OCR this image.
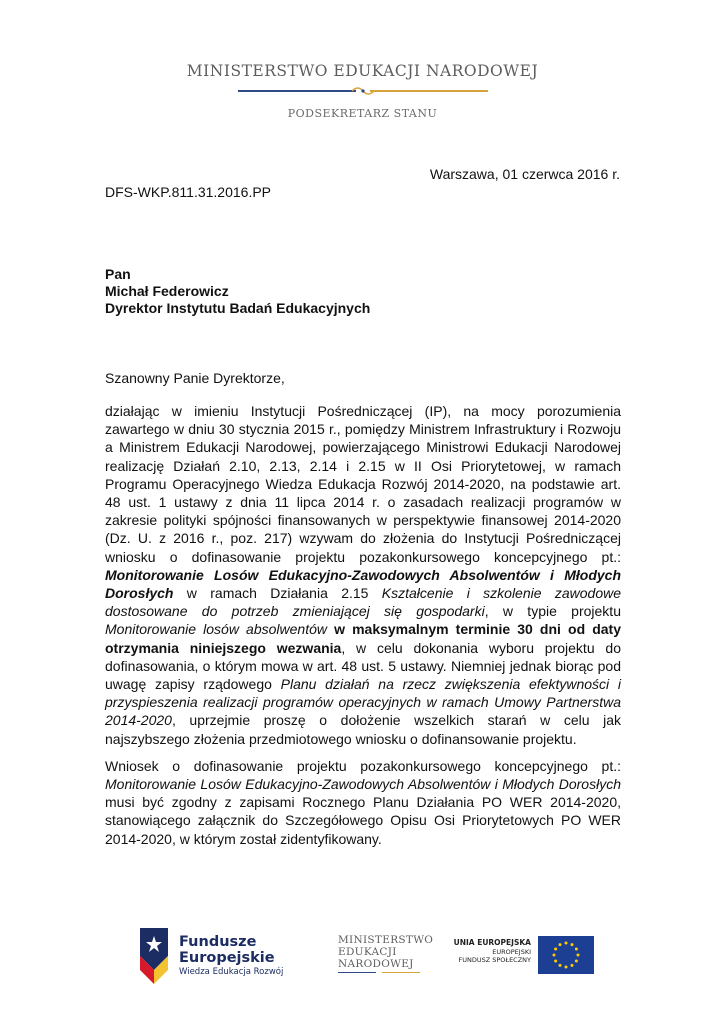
MINISTERSTWO EDUKACJI NARODOWEJ
PODSEKRETARZ STANU
Warszawa, 01 czerwca 2016 r.
DFS-WKP.811.31.2016.PP
Pan
Michał Federowicz
Dyrektor Instytutu Badań Edukacyjnych
Szanowny Panie Dyrektorze,

działając w imieniu Instytucji Pośredniczącej (IP), na mocy porozumienia zawartego w dniu 30 stycznia 2015 r., pomiędzy Ministrem Infrastruktury i Rozwoju a Ministrem Edukacji Narodowej, powierzającego Ministrowi Edukacji Narodowej realizację Działań 2.10, 2.13, 2.14 i 2.15 w II Osi Priorytetowej, w ramach Programu Operacyjnego Wiedza Edukacja Rozwój 2014-2020, na podstawie art. 48 ust. 1 ustawy z dnia 11 lipca 2014 r. o zasadach realizacji programów w zakresie polityki spójności finansowanych w perspektywie finansowej 2014-2020 (Dz. U. z 2016 r., poz. 217) wzywam do złożenia do Instytucji Pośredniczącej wniosku o dofinasowanie projektu pozakonkursowego koncepcyjnego pt.: Monitorowanie Losów Edukacyjno-Zawodowych Absolwentów i Młodych Dorosłych w ramach Działania 2.15 Kształcenie i szkolenie zawodowe dostosowane do potrzeb zmieniającej się gospodarki, w typie projektu Monitorowanie losów absolwentów w maksymalnym terminie 30 dni od daty otrzymania niniejszego wezwania, w celu dokonania wyboru projektu do dofinasowania, o którym mowa w art. 48 ust. 5 ustawy. Niemniej jednak biorąc pod uwagę zapisy rządowego Planu działań na rzecz zwiększenia efektywności i przyspieszenia realizacji programów operacyjnych w ramach Umowy Partnerstwa 2014-2020, uprzejmie proszę o dołożenie wszelkich starań w celu jak najszybszego złożenia przedmiotowego wniosku o dofinansowanie projektu.

Wniosek o dofinasowanie projektu pozakonkursowego koncepcyjnego pt.: Monitorowanie Losów Edukacyjno-Zawodowych Absolwentów i Młodych Dorosłych musi być zgodny z zapisami Rocznego Planu Działania PO WER 2014-2020, stanowiącego załącznik do Szczegółowego Opisu Osi Priorytetowych PO WER 2014-2020, w którym został zidentyfikowany.

Fundusze
Europejskie
Wiedza Edukacja Rozwój
MINISTERSTWO
EDUKACJI
NARODOWEJ
UNIA EUROPEJSKA
EUROPEJSKI
FUNDUSZ SPOŁECZNY
